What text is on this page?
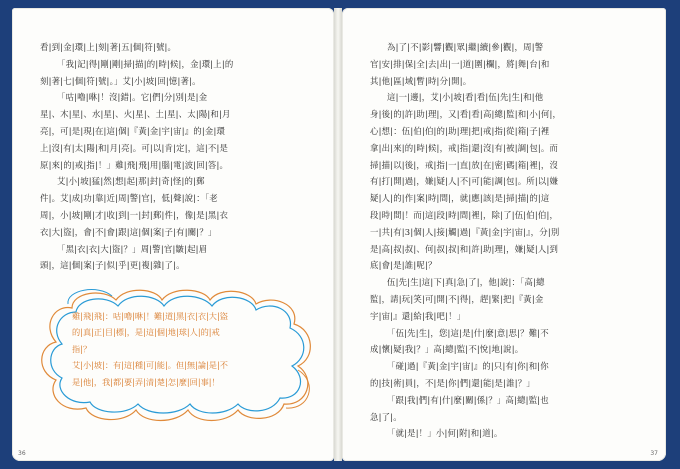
看|到|金|環|上|刻|著|五|個|符|號|。

「我|記|得|剛|剛|掃|描|的|時|候|，金|環|上|的

刻|著|七|個|符|號|。」艾|小|坡|回|憶|著|。

「咕|嚕|咻|！沒|錯|。它|們|分|別|是|金

星|、木|星|、水|星|、火|星|、土|星|、太|陽|和|月

亮|，可|是|現|在|這|個|『黃|金|宇|宙|』的|金|環

上|沒|有|太|陽|和|月|亮|。可|以|肯|定|，這|不|是

原|來|的|戒|指|！」雞|飛|飛|用|腦|電|波|回|答|。

艾|小|坡|猛|然|想|起|那|封|奇|怪|的|郵

件|。艾|成|功|靠|近|周|警|官|，低|聲|說|：「老

周|，小|坡|剛|才|收|到|一|封|郵|件|，像|是|黑|衣

衣|大|盜|，會|不|會|跟|這|個|案|子|有|關|？」

「黑|衣|衣|大|盜|？」周|警|官|皺|起|眉

頭|，這|個|案|子|似|乎|更|複|雜|了|。

雞|飛|飛|：咕|嚕|咻|！難|道|黑|衣|衣|大|盜

的|真|正|目|標|，是|這|個|地|球|人|的|戒

指|？

艾|小|坡|：有|這|種|可|能|。但|無|論|是|不

是|他|，我|都|要|弄|清|楚|怎|麼|回|事|！

36

為|了|不|影|響|觀|眾|繼|續|參|觀|，周|警

官|安|排|保|全|去|出|一|道|圍|欄|，將|舞|台|和

其|他|區|域|暫|時|分|開|。

這|一|邊|，艾|小|坡|看|看|伍|先|生|和|他

身|後|的|許|助|理|，又|看|看|高|總|監|和|小|何|，

心|想|：伍|伯|伯|的|助|理|把|戒|指|從|箱|子|裡

拿|出|來|的|時|候|，戒|指|還|沒|有|被|調|包|。而

掃|描|以|後|，戒|指|一|直|放|在|密|碼|箱|裡|，沒

有|打|開|過|，嫌|疑|人|不|可|能|調|包|。所|以|嫌

疑|人|的|作|案|時|間|，就|應|該|是|掃|描|的|這

段|時|間|！而|這|段|時|間|裡|，除|了|伍|伯|伯|，

一|共|有|3|個|人|接|觸|過|『黃|金|宇|宙|』，分|別

是|高|叔|叔|、何|叔|叔|和|許|助|理|，嫌|疑|人|到

底|會|是|誰|呢|？

伍|先|生|這|下|真|急|了|，他|說|：「高|總

監|，請|玩|笑|可|開|不|得|，趕|緊|把|『黃|金

宇|宙|』還|給|我|吧|！」

「伍|先|生|，您|這|是|什|麼|意|思|？難|不

成|懷|疑|我|？」高|總|監|不|悅|地|說|。

「碰|過|『黃|金|宇|宙|』的|只|有|你|和|你

的|技|術|員|，不|是|你|們|還|能|是|誰|？」

「跟|我|們|有|什|麼|關|係|？」高|總|監|也

急|了|。

「就|是|！」小|何|附|和|道|。

37
